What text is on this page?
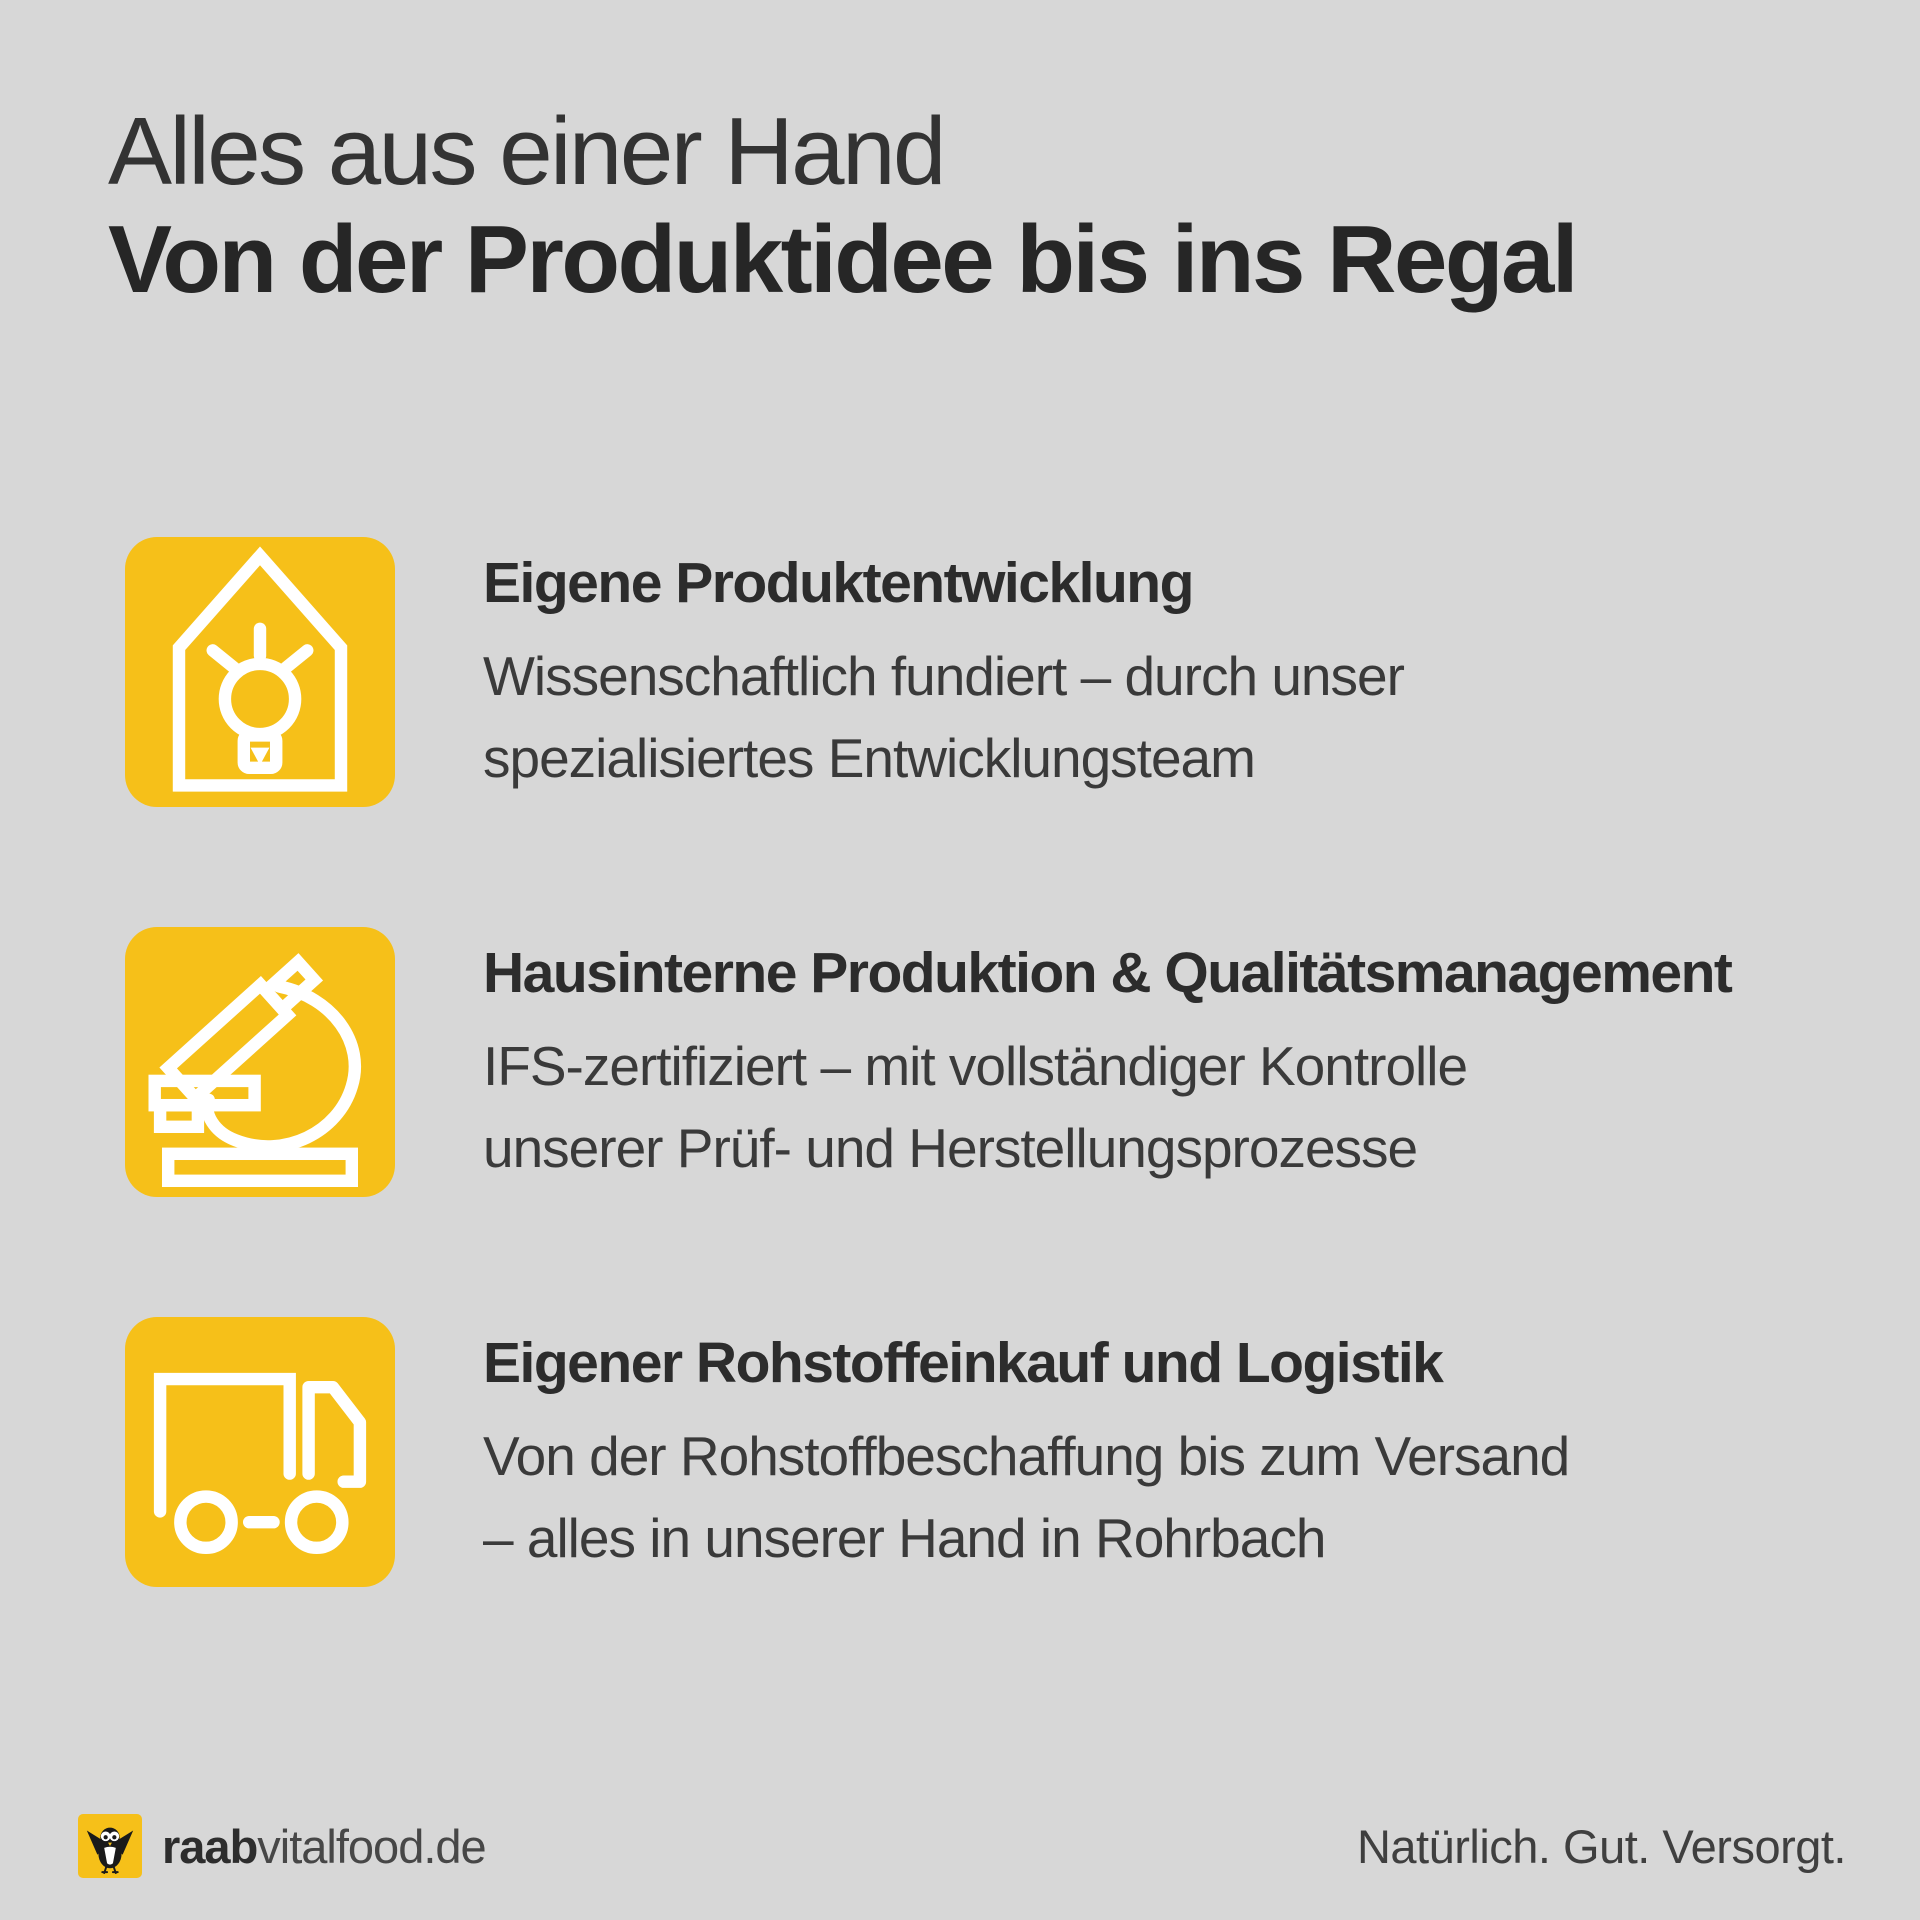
Alles aus einer Hand
Von der Produktidee bis ins Regal
Eigene Produktentwicklung

Wissenschaftlich fundiert – durch unser
spezialisiertes Entwicklungsteam

Hausinterne Produktion & Qualitätsmanagement

IFS-zertifiziert – mit vollständiger Kontrolle
unserer Prüf- und Herstellungsprozesse

Eigener Rohstoffeinkauf und Logistik

Von der Rohstoffbeschaffung bis zum Versand
– alles in unserer Hand in Rohrbach

raabvitalfood.de	Natürlich. Gut. Versorgt.
